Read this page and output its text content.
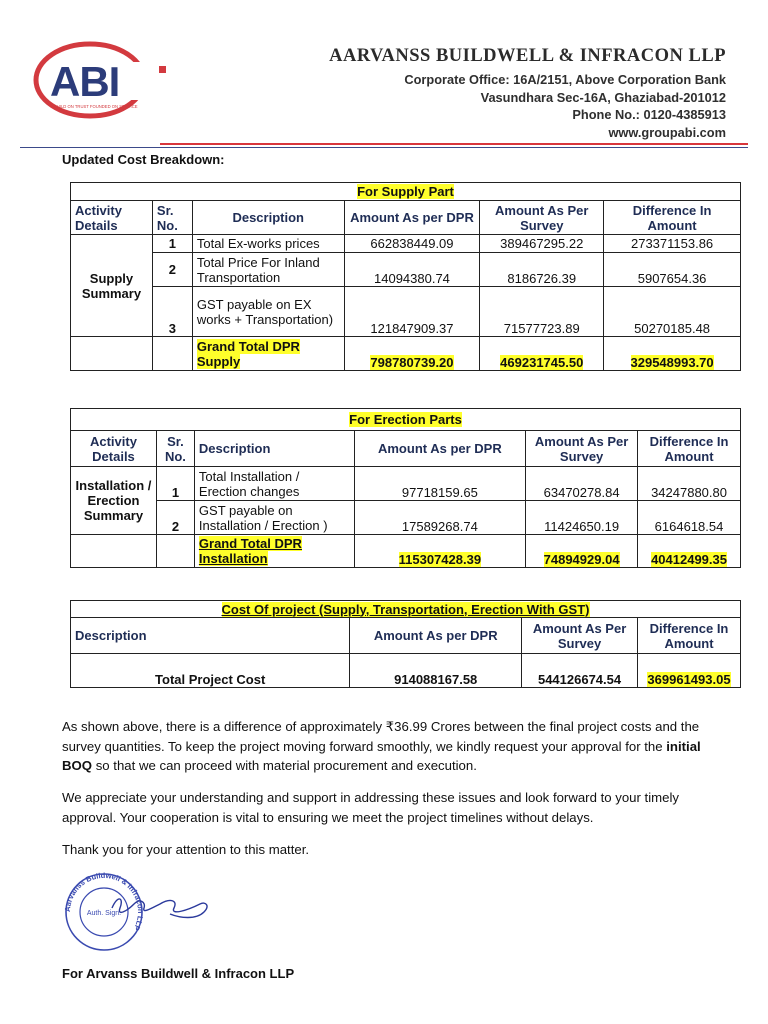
ABI
BUILD ON TRUST FOUNDED ON SERVICE
AARVANSS BUILDWELL & INFRACON LLP
Corporate Office: 16A/2151, Above Corporation Bank
Vasundhara Sec-16A, Ghaziabad-201012
Phone No.: 0120-4385913
www.groupabi.com
Updated Cost Breakdown:
For Supply Part					
Activity Details	Sr. No.	Description	Amount As per DPR	Amount As Per Survey	Difference In Amount
Supply Summary	1	Total Ex-works prices	662838449.09	389467295.22	273371153.86
	2	Total Price For Inland Transportation	14094380.74	8186726.39	5907654.36
	3	GST payable on EX works + Transportation)	121847909.37	71577723.89	50270185.48
		Grand Total DPR Supply	798780739.20	469231745.50	329548993.70
For Erection Parts					
Activity Details	Sr. No.	Description	Amount As per DPR	Amount As Per Survey	Difference In Amount
Installation / Erection Summary	1	Total Installation / Erection changes	97718159.65	63470278.84	34247880.80
	2	GST payable on Installation / Erection )	17589268.74	11424650.19	6164618.54
		Grand Total DPR Installation	115307428.39	74894929.04	40412499.35
Cost Of project (Supply, Transportation, Erection With GST)			
Description	Amount As per DPR	Amount As Per Survey	Difference In Amount
Total Project Cost	914088167.58	544126674.54	369961493.05

As shown above, there is a difference of approximately ₹36.99 Crores between the final project costs and the survey quantities. To keep the project moving forward smoothly, we kindly request your approval for the initial BOQ so that we can proceed with material procurement and execution.

We appreciate your understanding and support in addressing these issues and look forward to your timely approval. Your cooperation is vital to ensuring we meet the project timelines without delays.

Thank you for your attention to this matter.

Aarvanss Buildwell & Infracon LLP
Auth. Sign.
For Arvanss Buildwell & Infracon LLP
